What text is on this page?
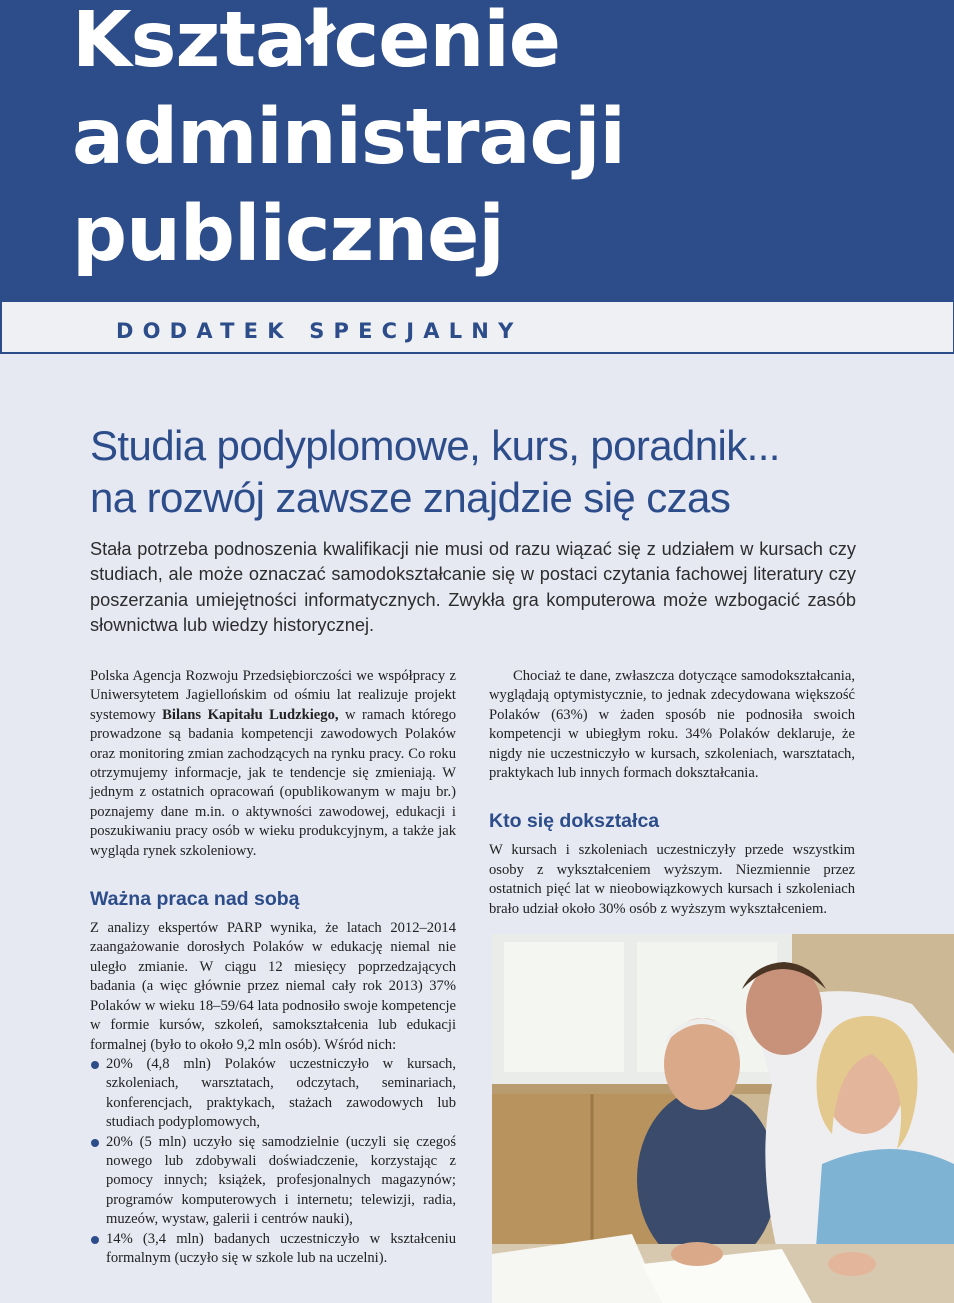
Kształcenie
administracji
publicznej
DODATEK SPECJALNY
Studia podyplomowe, kurs, poradnik...
na rozwój zawsze znajdzie się czas

Stała potrzeba podnoszenia kwalifikacji nie musi od razu wiązać się z udziałem w kursach czy studiach, ale może oznaczać samodokształcanie się w postaci czytania fachowej literatury czy poszerzania umiejętności informatycznych. Zwykła gra komputerowa może wzbogacić zasób słownictwa lub wiedzy historycznej.

Polska Agencja Rozwoju Przedsiębiorczości we współpracy z Uniwersytetem Jagiellońskim od ośmiu lat realizuje projekt systemowy Bilans Kapitału Ludzkiego, w ramach którego prowadzone są badania kompetencji zawodowych Polaków oraz monitoring zmian zachodzących na rynku pracy. Co roku otrzymujemy informacje, jak te tendencje się zmieniają. W jednym z ostatnich opracowań (opublikowanym w maju br.) poznajemy dane m.in. o aktywności zawodowej, edukacji i poszukiwaniu pracy osób w wieku produkcyjnym, a także jak wygląda rynek szkoleniowy.

Ważna praca nad sobą

Z analizy ekspertów PARP wynika, że latach 2012–2014 zaangażowanie dorosłych Polaków w edukację niemal nie uległo zmianie. W ciągu 12 miesięcy poprzedzających badania (a więc głównie przez niemal cały rok 2013) 37% Polaków w wieku 18–59/64 lata podnosiło swoje kompetencje w formie kursów, szkoleń, samokształcenia lub edukacji formalnej (było to około 9,2 mln osób). Wśród nich:

20% (4,8 mln) Polaków uczestniczyło w kursach, szkoleniach, warsztatach, odczytach, seminariach, konferencjach, praktykach, stażach zawodowych lub studiach podyplomowych,
20% (5 mln) uczyło się samodzielnie (uczyli się czegoś nowego lub zdobywali doświadczenie, korzystając z pomocy innych; książek, profesjonalnych magazynów; programów komputerowych i internetu; telewizji, radia, muzeów, wystaw, galerii i centrów nauki),
14% (3,4 mln) badanych uczestniczyło w kształceniu formalnym (uczyło się w szkole lub na uczelni).

Chociaż te dane, zwłaszcza dotyczące samodokształcania, wyglądają optymistycznie, to jednak zdecydowana większość Polaków (63%) w żaden sposób nie podnosiła swoich kompetencji w ubiegłym roku. 34% Polaków deklaruje, że nigdy nie uczestniczyło w kursach, szkoleniach, warsztatach, praktykach lub innych formach dokształcania.

Kto się dokształca

W kursach i szkoleniach uczestniczyły przede wszystkim osoby z wykształceniem wyższym. Niezmiennie przez ostatnich pięć lat w nieobowiązkowych kursach i szkoleniach brało udział około 30% osób z wyższym wykształceniem.
